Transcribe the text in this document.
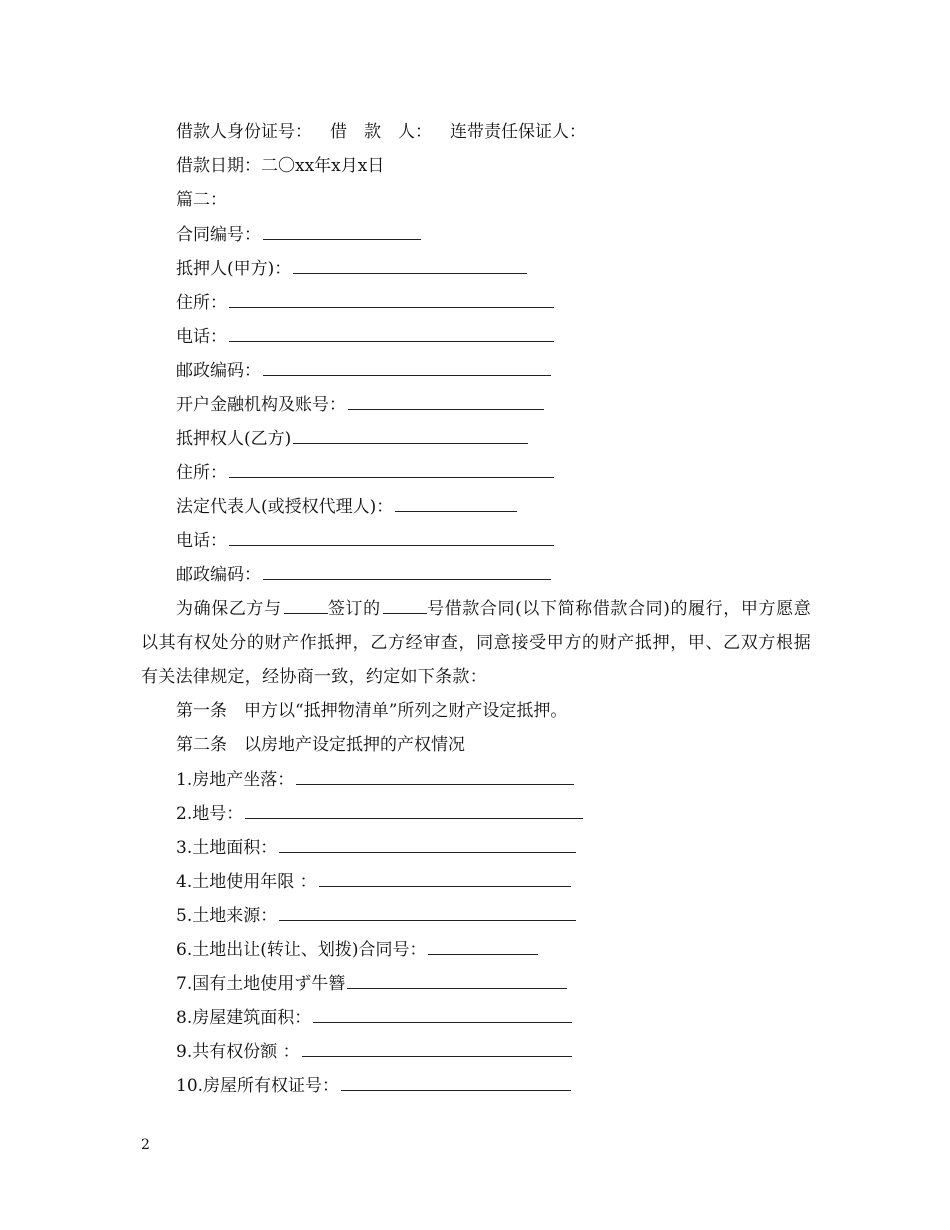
借款人身份证号： 借　款　人： 连带责任保证人：
借款日期：二〇xx年x月x日
篇二：
合同编号：
抵押人(甲方)：
住所：
电话：
邮政编码：
开户金融机构及账号：
抵押权人(乙方)
住所：
法定代表人(或授权代理人)：
电话：
邮政编码：

为确保乙方与	签订的	号借款合同(以下简称借款合同)的履行，甲方愿意以其有权处分的财产作抵押，乙方经审查，同意接受甲方的财产抵押，甲、乙双方根据有关法律规定，经协商一致，约定如下条款：

第一条　甲方以“抵押物清单”所列之财产设定抵押。
第二条　以房地产设定抵押的产权情况
1.房地产坐落：
2.地号：
3.土地面积：
4.土地使用年限 ：
5.土地来源：
6.土地出让(转让、划拨)合同号：
7.国有土地使用ず牛簪
8.房屋建筑面积：
9.共有权份额 ：
10.房屋所有权证号：
2
